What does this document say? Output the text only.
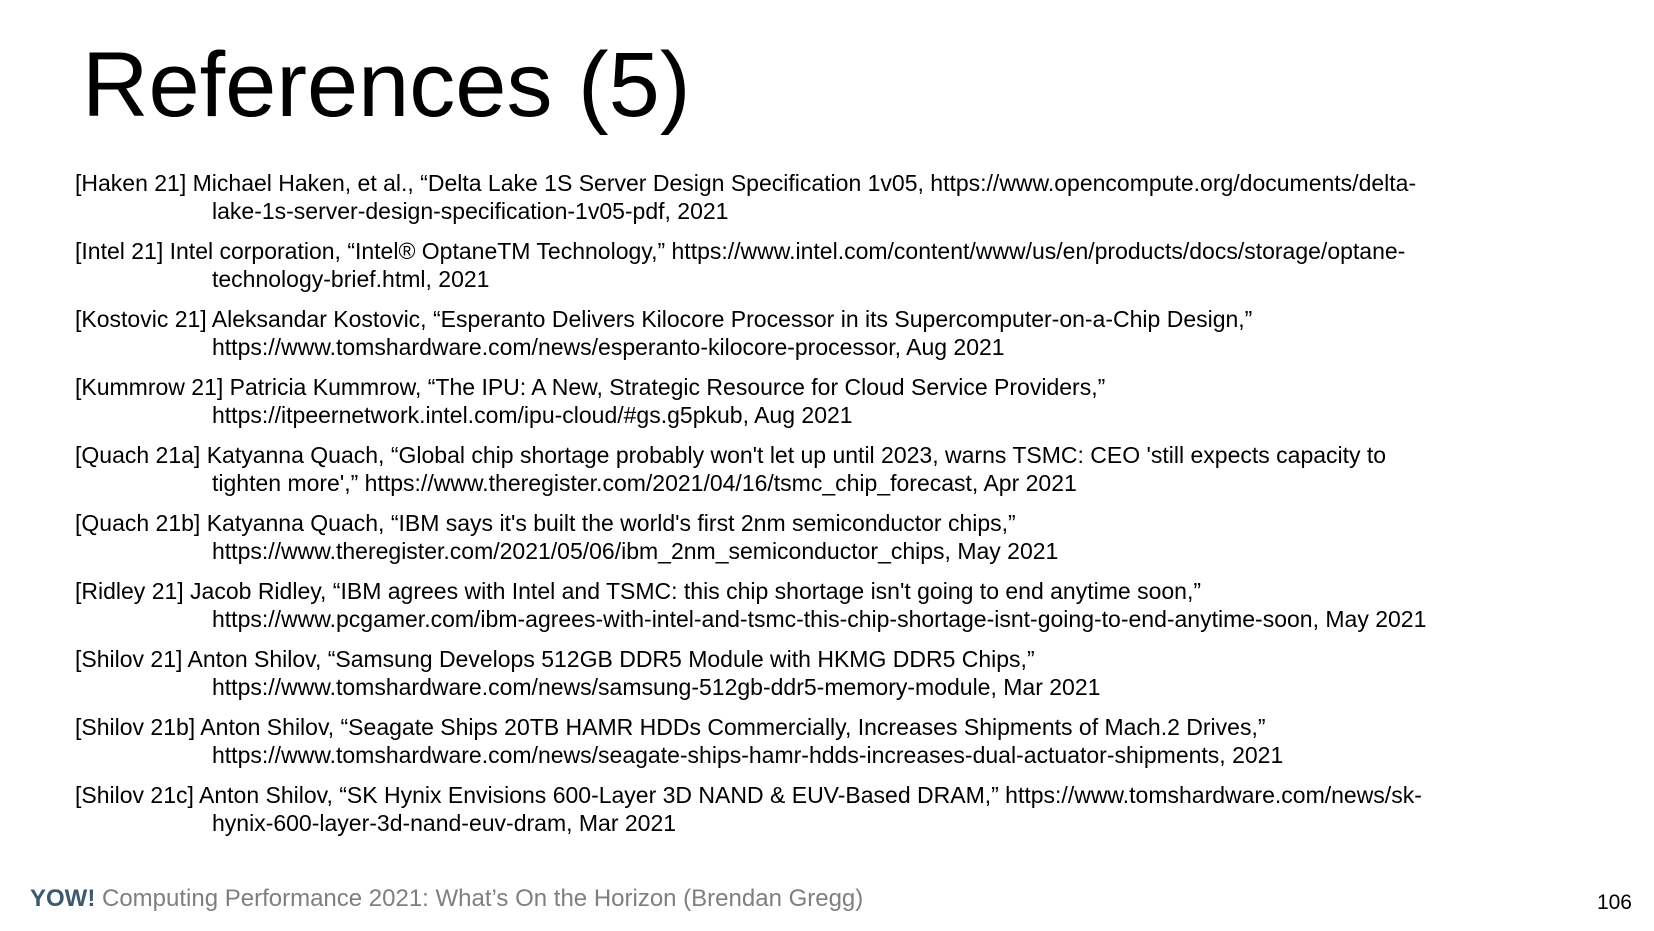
References (5)
[Haken 21] Michael Haken, et al., “Delta Lake 1S Server Design Specification 1v05, https://www.opencompute.org/documents/delta-
lake-1s-server-design-specification-1v05-pdf, 2021
[Intel 21] Intel corporation, “Intel® OptaneTM Technology,” https://www.intel.com/content/www/us/en/products/docs/storage/optane-
technology-brief.html, 2021
[Kostovic 21] Aleksandar Kostovic, “Esperanto Delivers Kilocore Processor in its Supercomputer-on-a-Chip Design,”
https://www.tomshardware.com/news/esperanto-kilocore-processor, Aug 2021
[Kummrow 21] Patricia Kummrow, “The IPU: A New, Strategic Resource for Cloud Service Providers,”
https://itpeernetwork.intel.com/ipu-cloud/#gs.g5pkub, Aug 2021
[Quach 21a] Katyanna Quach, “Global chip shortage probably won't let up until 2023, warns TSMC: CEO 'still expects capacity to
tighten more',” https://www.theregister.com/2021/04/16/tsmc_chip_forecast, Apr 2021
[Quach 21b] Katyanna Quach, “IBM says it's built the world's first 2nm semiconductor chips,”
https://www.theregister.com/2021/05/06/ibm_2nm_semiconductor_chips, May 2021
[Ridley 21] Jacob Ridley, “IBM agrees with Intel and TSMC: this chip shortage isn't going to end anytime soon,”
https://www.pcgamer.com/ibm-agrees-with-intel-and-tsmc-this-chip-shortage-isnt-going-to-end-anytime-soon, May 2021
[Shilov 21] Anton Shilov, “Samsung Develops 512GB DDR5 Module with HKMG DDR5 Chips,”
https://www.tomshardware.com/news/samsung-512gb-ddr5-memory-module, Mar 2021
[Shilov 21b] Anton Shilov, “Seagate Ships 20TB HAMR HDDs Commercially, Increases Shipments of Mach.2 Drives,”
https://www.tomshardware.com/news/seagate-ships-hamr-hdds-increases-dual-actuator-shipments, 2021
[Shilov 21c] Anton Shilov, “SK Hynix Envisions 600-Layer 3D NAND & EUV-Based DRAM,” https://www.tomshardware.com/news/sk-
hynix-600-layer-3d-nand-euv-dram, Mar 2021
YOW! Computing Performance 2021: What’s On the Horizon (Brendan Gregg)	106
